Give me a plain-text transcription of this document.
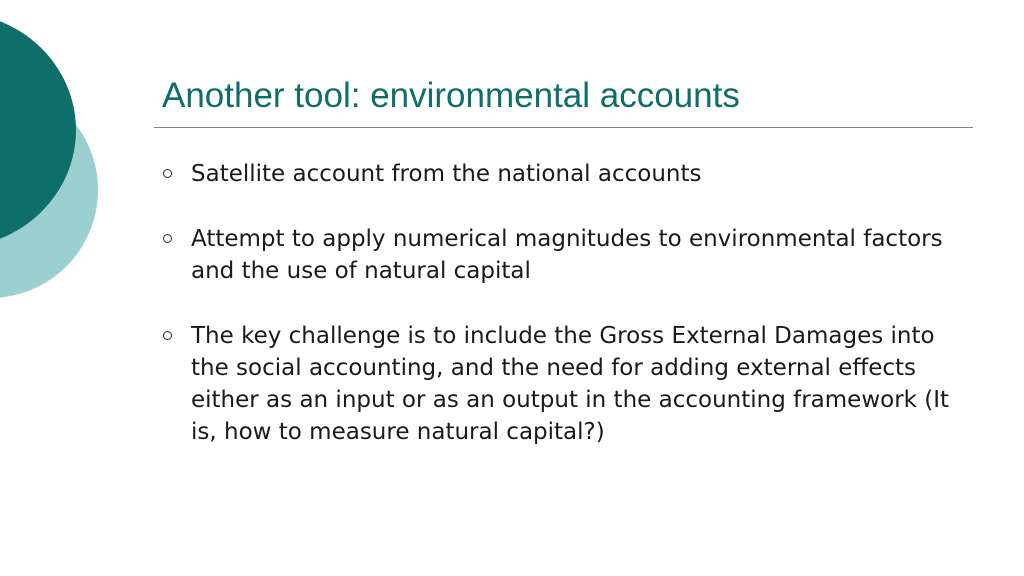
Another tool: environmental accounts
Satellite account from the national accounts
Attempt to apply numerical magnitudes to environmental factors and the use of natural capital
The key challenge is to include the Gross External Damages into the social accounting, and the need for adding external effects either as an input or as an output in the accounting framework (It is, how to measure natural capital?)
